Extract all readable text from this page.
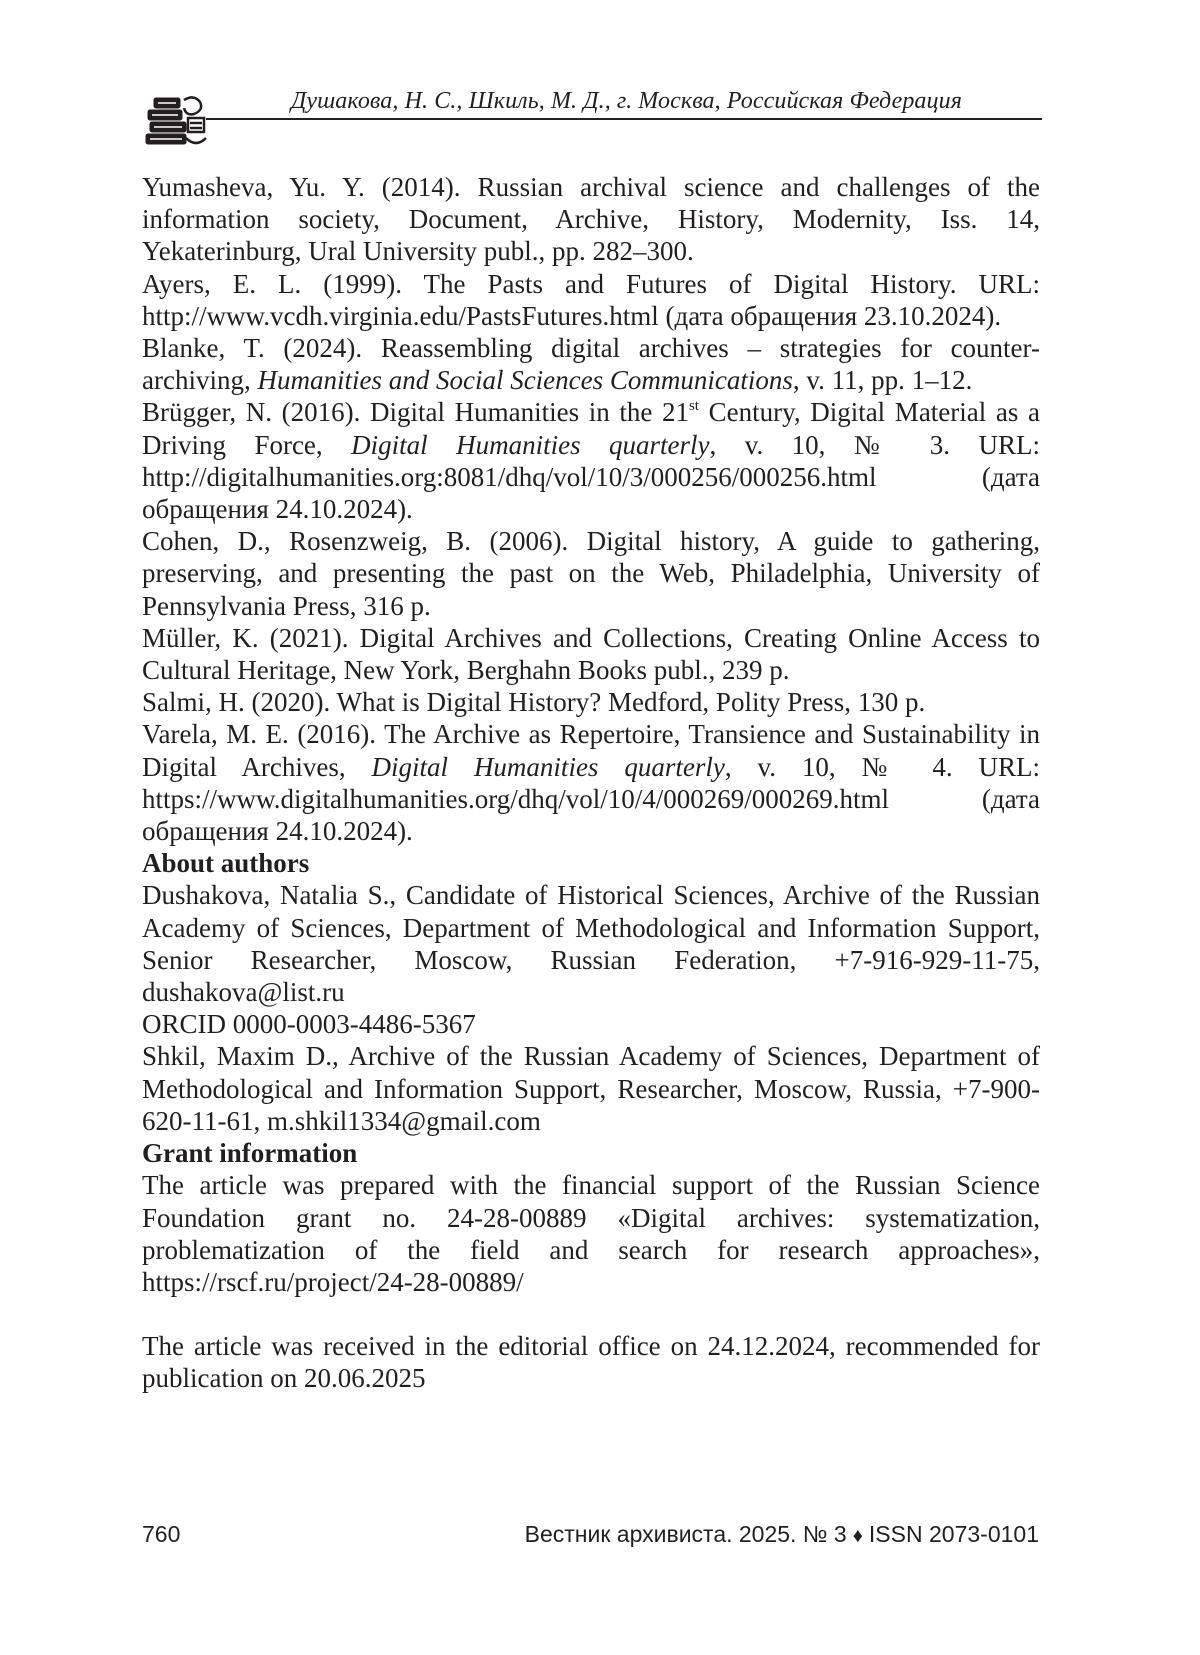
Душакова, Н. С., Шкиль, М. Д., г. Москва, Российская Федерация

Yumasheva, Yu. Y. (2014). Russian archival science and challenges of the information society, Document, Archive, History, Modernity, Iss. 14, Yekaterinburg, Ural University publ., pp. 282–300.

Ayers, E. L. (1999). The Pasts and Futures of Digital History. URL: http://www.vcdh.virginia.edu/PastsFutures.html (дата обращения 23.10.2024).

Blanke, T. (2024). Reassembling digital archives – strategies for counter-archiving, Humanities and Social Sciences Communications, v. 11, pp. 1–12.

Brügger, N. (2016). Digital Humanities in the 21st Century, Digital Material as a Driving Force, Digital Humanities quarterly, v. 10, № 3. URL: http://digitalhumanities.org:8081/dhq/vol/10/3/000256/000256.html (дата обращения 24.10.2024).

Cohen, D., Rosenzweig, B. (2006). Digital history, A guide to gathering, preserving, and presenting the past on the Web, Philadelphia, University of Pennsylvania Press, 316 p.

Müller, K. (2021). Digital Archives and Collections, Creating Online Access to Cultural Heritage, New York, Berghahn Books publ., 239 p.

Salmi, H. (2020). What is Digital History? Medford, Polity Press, 130 p.

Varela, M. E. (2016). The Archive as Repertoire, Transience and Sustainability in Digital Archives, Digital Humanities quarterly, v. 10, № 4. URL: https://www.digitalhumanities.org/dhq/vol/10/4/000269/000269.html (дата обращения 24.10.2024).

About authors

Dushakova, Natalia S., Candidate of Historical Sciences, Archive of the Russian Academy of Sciences, Department of Methodological and Information Support, Senior Researcher, Moscow, Russian Federation, +7-916-929-11-75, dushakova@list.ru

ORCID 0000-0003-4486-5367

Shkil, Maxim D., Archive of the Russian Academy of Sciences, Department of Methodological and Information Support, Researcher, Moscow, Russia, +7-900-620-11-61, m.shkil1334@gmail.com

Grant information

The article was prepared with the financial support of the Russian Science Foundation grant no. 24-28-00889 «Digital archives: systematization, problematization of the field and search for research approaches», https://rscf.ru/project/24-28-00889/

The article was received in the editorial office on 24.12.2024, recommended for publication on 20.06.2025

760	Вестник архивиста. 2025. № 3 ♦ ISSN 2073-0101
